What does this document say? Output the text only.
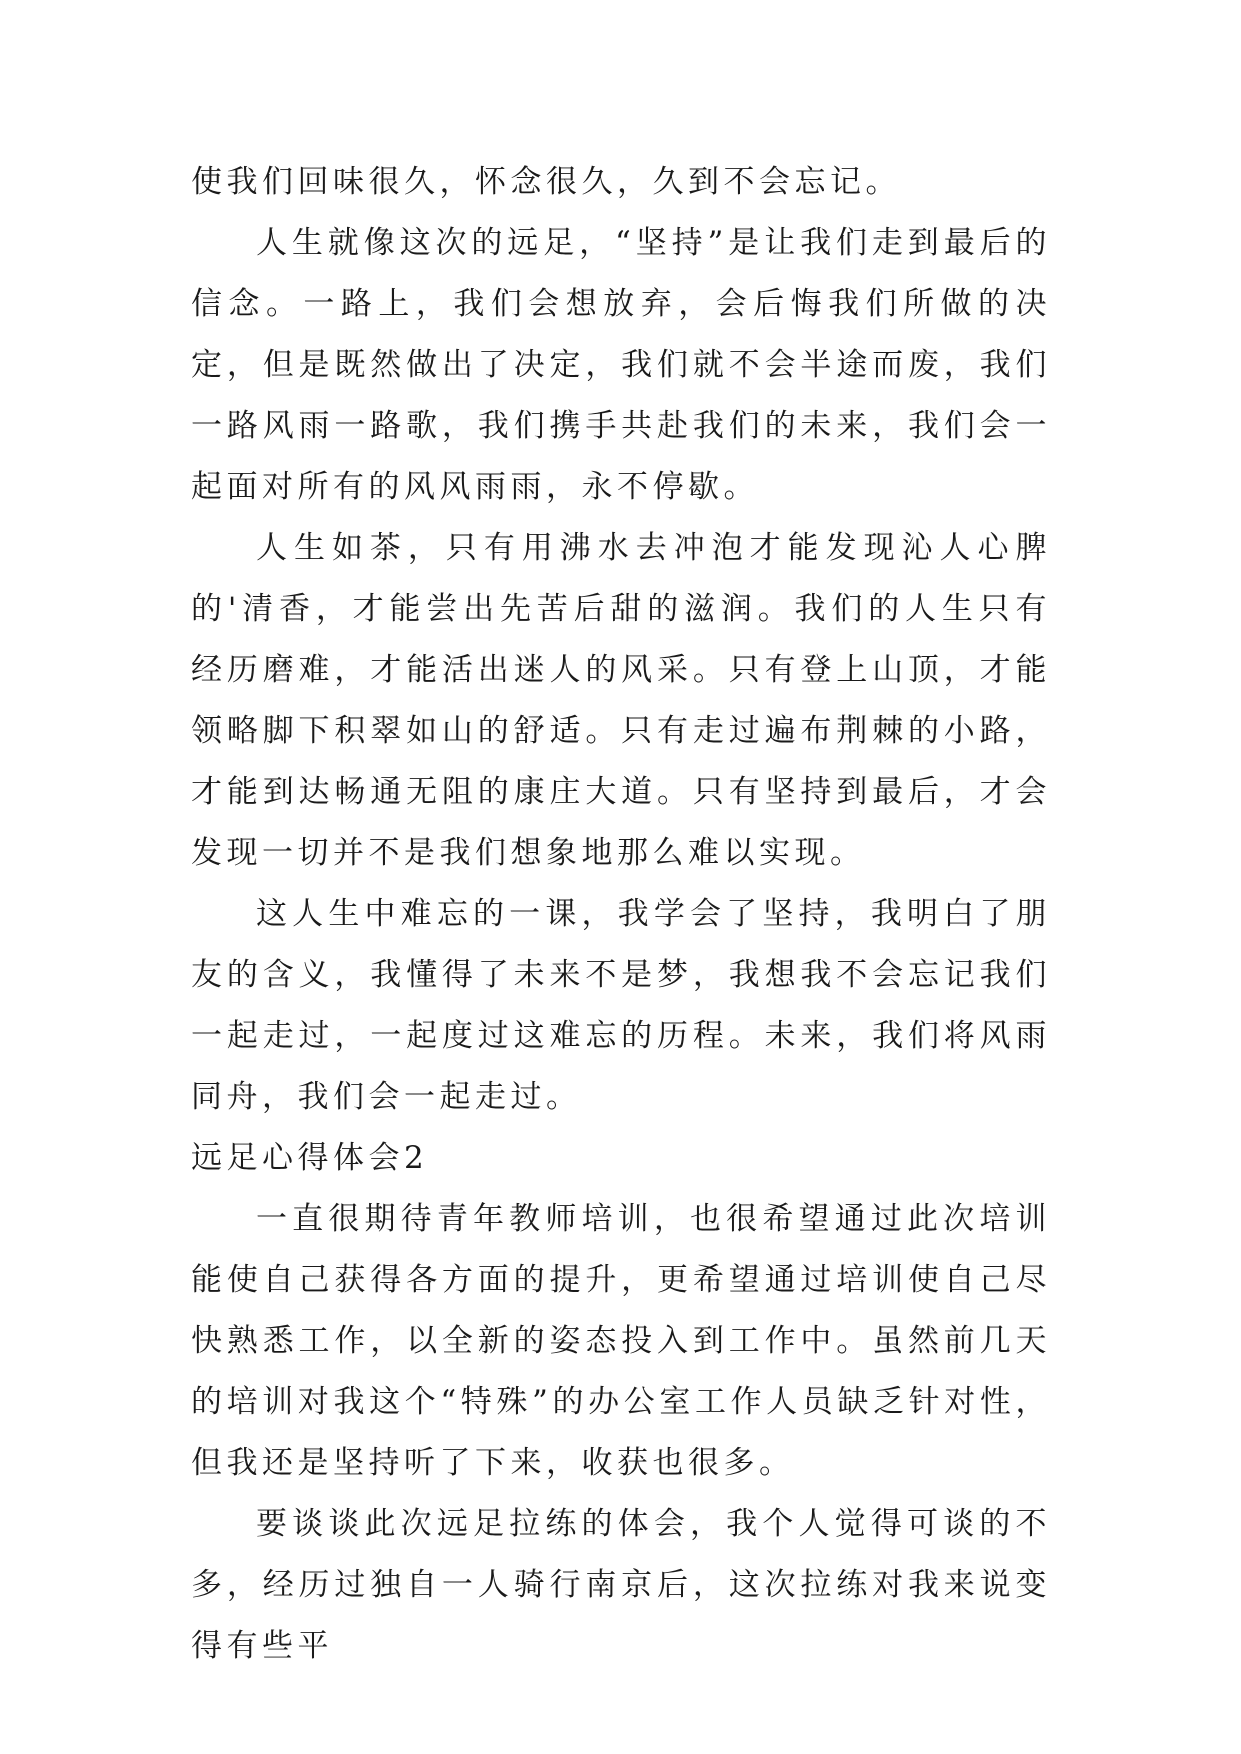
使我们回味很久，怀念很久，久到不会忘记。

人生就像这次的远足，“坚持”是让我们走到最后的信念。一路上，我们会想放弃，会后悔我们所做的决定，但是既然做出了决定，我们就不会半途而废，我们一路风雨一路歌，我们携手共赴我们的未来，我们会一起面对所有的风风雨雨，永不停歇。

人生如茶，只有用沸水去冲泡才能发现沁人心脾的'清香，才能尝出先苦后甜的滋润。我们的人生只有经历磨难，才能活出迷人的风采。只有登上山顶，才能领略脚下积翠如山的舒适。只有走过遍布荆棘的小路，才能到达畅通无阻的康庄大道。只有坚持到最后，才会发现一切并不是我们想象地那么难以实现。

这人生中难忘的一课，我学会了坚持，我明白了朋友的含义，我懂得了未来不是梦，我想我不会忘记我们一起走过，一起度过这难忘的历程。未来，我们将风雨同舟，我们会一起走过。

远足心得体会2

一直很期待青年教师培训，也很希望通过此次培训能使自己获得各方面的提升，更希望通过培训使自己尽快熟悉工作，以全新的姿态投入到工作中。虽然前几天的培训对我这个“特殊”的办公室工作人员缺乏针对性，但我还是坚持听了下来，收获也很多。

要谈谈此次远足拉练的体会，我个人觉得可谈的不多，经历过独自一人骑行南京后，这次拉练对我来说变得有些平
